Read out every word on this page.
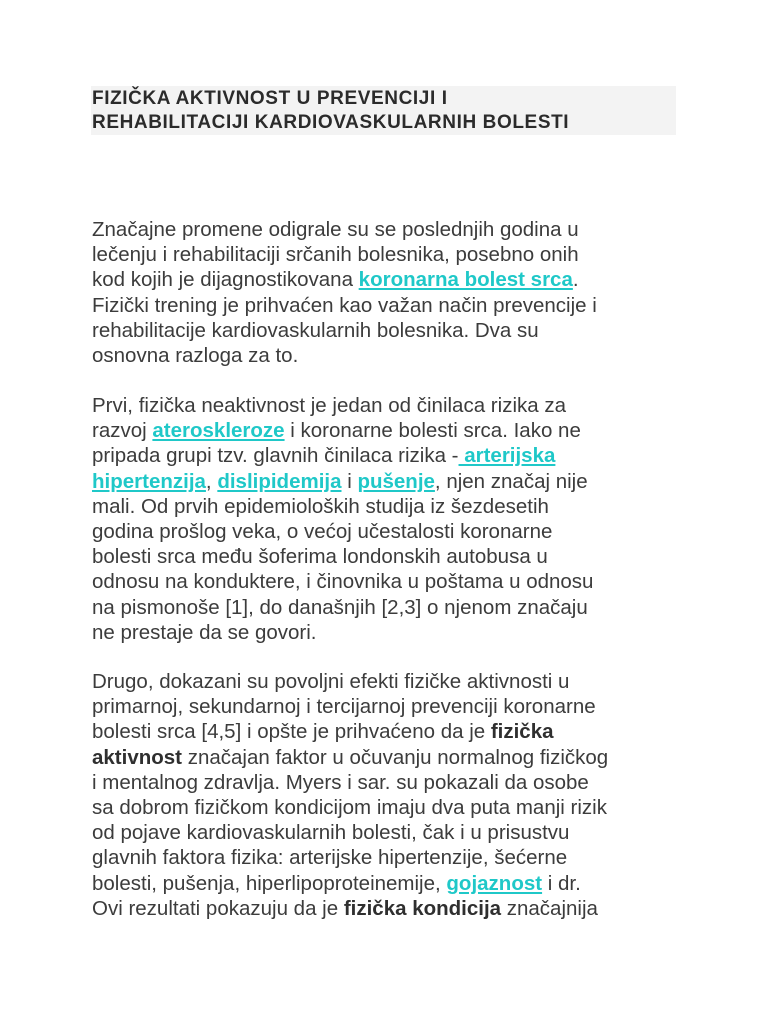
FIZIČKA AKTIVNOST U PREVENCIJI I
REHABILITACIJI KARDIOVASKULARNIH BOLESTI

Značajne promene odigrale su se poslednjih godina u
lečenju i rehabilitaciji srčanih bolesnika, posebno onih
kod kojih je dijagnostikovana koronarna bolest srca.
Fizički trening je prihvaćen kao važan način prevencije i
rehabilitacije kardiovaskularnih bolesnika. Dva su
osnovna razloga za to.

Prvi, fizička neaktivnost je jedan od činilaca rizika za
razvoj ateroskleroze i koronarne bolesti srca. Iako ne
pripada grupi tzv. glavnih činilaca rizika - arterijska
hipertenzija, dislipidemija i pušenje, njen značaj nije
mali. Od prvih epidemioloških studija iz šezdesetih
godina prošlog veka, o većoj učestalosti koronarne
bolesti srca među šoferima londonskih autobusa u
odnosu na konduktere, i činovnika u poštama u odnosu
na pismonoše [1], do današnjih [2,3] o njenom značaju
ne prestaje da se govori.

Drugo, dokazani su povoljni efekti fizičke aktivnosti u
primarnoj, sekundarnoj i tercijarnoj prevenciji koronarne
bolesti srca [4,5] i opšte je prihvaćeno da je fizička
aktivnost značajan faktor u očuvanju normalnog fizičkog
i mentalnog zdravlja. Myers i sar. su pokazali da osobe
sa dobrom fizičkom kondicijom imaju dva puta manji rizik
od pojave kardiovaskularnih bolesti, čak i u prisustvu
glavnih faktora fizika: arterijske hipertenzije, šećerne
bolesti, pušenja, hiperlipoproteinemije, gojaznost i dr.
Ovi rezultati pokazuju da je fizička kondicija značajnija
